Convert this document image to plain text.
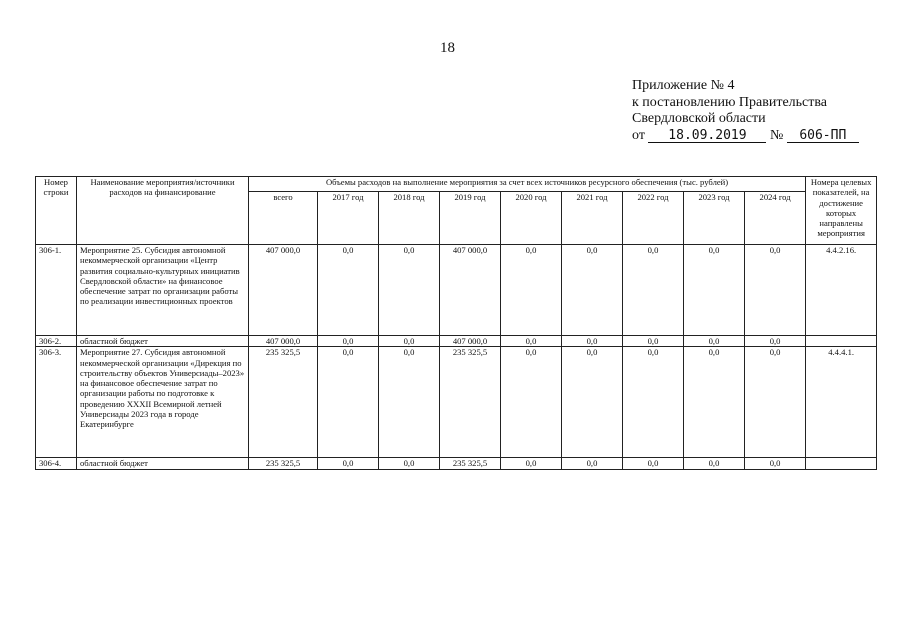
18
Приложение № 4
к постановлению Правительства
Свердловской области
от 18.09.2019 № 606-ПП
Номер строки	Наименование мероприятия/источники расходов на финансирование	Объемы расходов на выполнение мероприятия за счет всех источников ресурсного обеспечения (тыс. рублей)									Номера целевых показателей, на достижение которых направлены мероприятия
		всего	2017 год	2018 год	2019 год	2020 год	2021 год	2022 год	2023 год	2024 год	
306-1.	Мероприятие 25. Субсидия автономной некоммерческой организации «Центр развития социально-культурных инициатив Свердловской области» на финансовое обеспечение затрат по организации работы по реализации инвестиционных проектов	407 000,0	0,0	0,0	407 000,0	0,0	0,0	0,0	0,0	0,0	4.4.2.16.
306-2.	областной бюджет	407 000,0	0,0	0,0	407 000,0	0,0	0,0	0,0	0,0	0,0	
306-3.	Мероприятие 27. Субсидия автономной некоммерческой организации «Дирекция по строительству объектов Универсиады–2023» на финансовое обеспечение затрат по организации работы по подготовке к проведению XXXII Всемирной летней Универсиады 2023 года в городе Екатеринбурге	235 325,5	0,0	0,0	235 325,5	0,0	0,0	0,0	0,0	0,0	4.4.4.1.
306-4.	областной бюджет	235 325,5	0,0	0,0	235 325,5	0,0	0,0	0,0	0,0	0,0	
